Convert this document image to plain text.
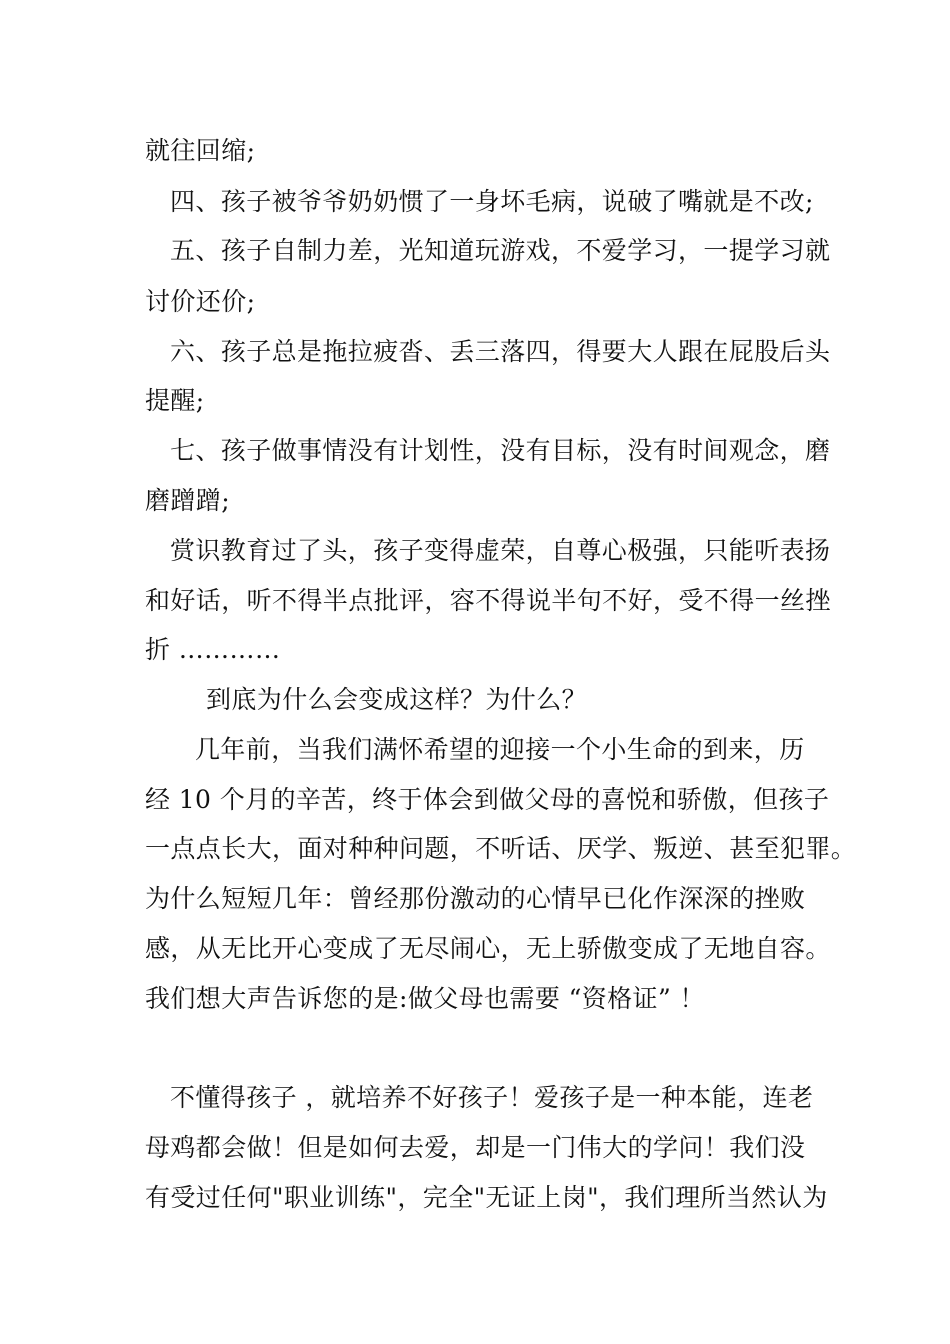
就往回缩;

四、孩子被爷爷奶奶惯了一身坏毛病，说破了嘴就是不改;

五、孩子自制力差，光知道玩游戏，不爱学习，一提学习就

讨价还价;

六、孩子总是拖拉疲沓、丢三落四，得要大人跟在屁股后头

提醒;

七、孩子做事情没有计划性，没有目标，没有时间观念，磨

磨蹭蹭;

赏识教育过了头，孩子变得虚荣，自尊心极强，只能听表扬

和好话，听不得半点批评，容不得说半句不好，受不得一丝挫

折 …………

到底为什么会变成这样？为什么？

几年前，当我们满怀希望的迎接一个小生命的到来，历

经 10 个月的辛苦，终于体会到做父母的喜悦和骄傲，但孩子

一点点长大，面对种种问题，不听话、厌学、叛逆、甚至犯罪。

为什么短短几年：曾经那份激动的心情早已化作深深的挫败

感，从无比开心变成了无尽闹心，无上骄傲变成了无地自容。

我们想大声告诉您的是:做父母也需要 “资格证” ！

不懂得孩子 ，就培养不好孩子！爱孩子是一种本能，连老

母鸡都会做！但是如何去爱，却是一门伟大的学问！我们没

有受过任何"职业训练"，完全"无证上岗"，我们理所当然认为
